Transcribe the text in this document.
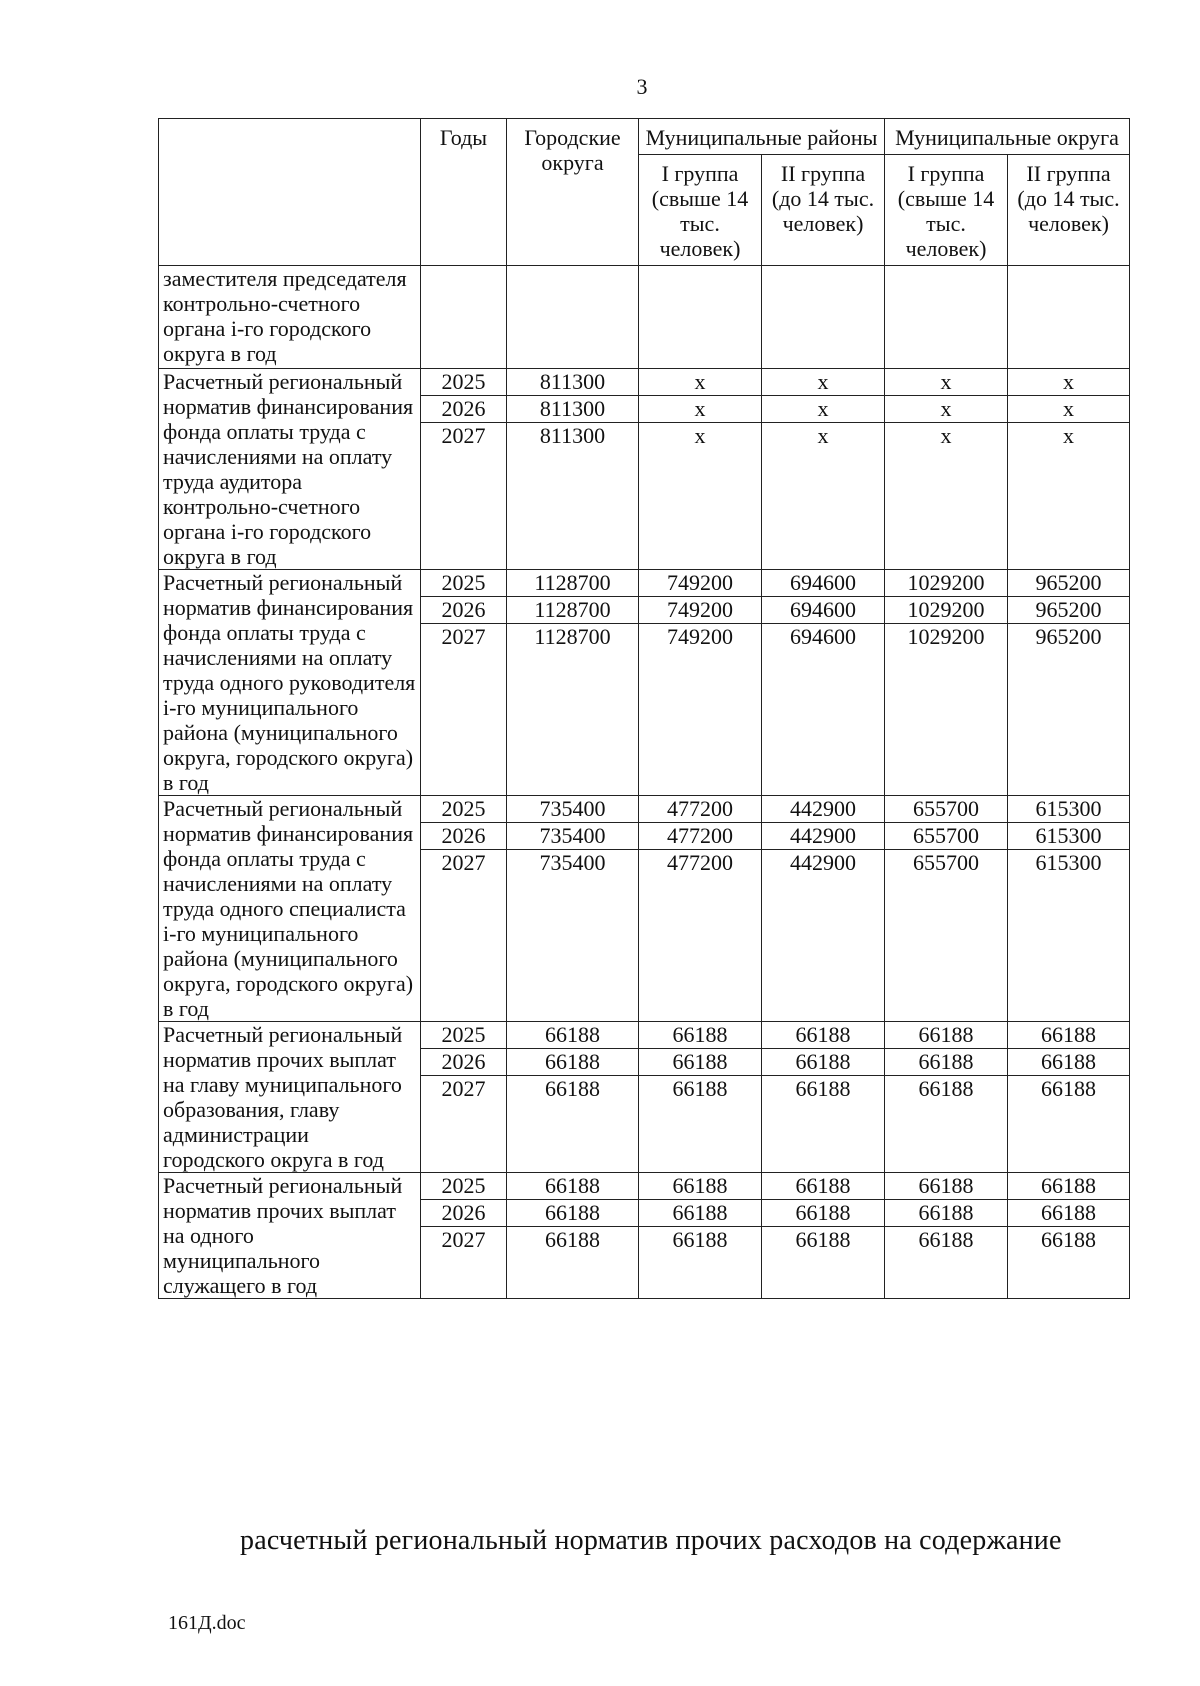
3
	Годы	Городские округа	Муниципальные районы		Муниципальные округа	
			I группа (свыше 14 тыс. человек)	II группа (до 14 тыс. человек)	I группа (свыше 14 тыс. человек)	II группа (до 14 тыс. человек)
заместителя председателя контрольно-счетного органа i-го городского округа в год						
Расчетный региональный норматив финансирования фонда оплаты труда с начислениями на оплату труда аудитора контрольно-счетного органа i-го городского округа в год	2025	811300	x	x	x	x
	2026	811300	x	x	x	x
	2027	811300	x	x	x	x
Расчетный региональный норматив финансирования фонда оплаты труда с начислениями на оплату труда одного руководителя i-го муниципального района (муниципального округа, городского округа) в год	2025	1128700	749200	694600	1029200	965200
	2026	1128700	749200	694600	1029200	965200
	2027	1128700	749200	694600	1029200	965200
Расчетный региональный норматив финансирования фонда оплаты труда с начислениями на оплату труда одного специалиста i-го муниципального района (муниципального округа, городского округа) в год	2025	735400	477200	442900	655700	615300
	2026	735400	477200	442900	655700	615300
	2027	735400	477200	442900	655700	615300
Расчетный региональный норматив прочих выплат на главу муниципального образования, главу администрации городского округа в год	2025	66188	66188	66188	66188	66188
	2026	66188	66188	66188	66188	66188
	2027	66188	66188	66188	66188	66188
Расчетный региональный норматив прочих выплат на одного муниципального служащего в год	2025	66188	66188	66188	66188	66188
	2026	66188	66188	66188	66188	66188
	2027	66188	66188	66188	66188	66188
расчетный региональный норматив прочих расходов на содержание
161Д.doc
